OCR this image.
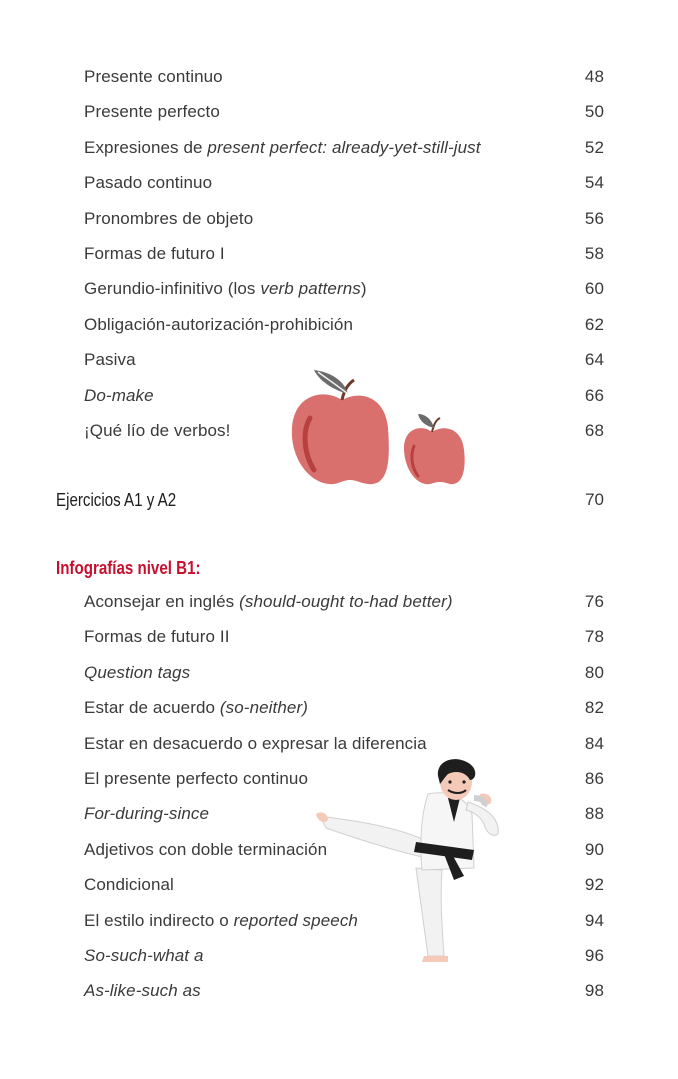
Presente continuo	48
Presente perfecto	50
Expresiones de present perfect: already-yet-still-just	52
Pasado continuo	54
Pronombres de objeto	56
Formas de futuro I	58
Gerundio-infinitivo (los verb patterns)	60
Obligación-autorización-prohibición	62
Pasiva	64
Do-make	66
¡Qué lío de verbos!	68
Ejercicios A1 y A2	70
Infografías nivel B1:
Aconsejar en inglés (should-ought to-had better)	76
Formas de futuro II	78
Question tags	80
Estar de acuerdo (so-neither)	82
Estar en desacuerdo o expresar la diferencia	84
El presente perfecto continuo	86
For-during-since	88
Adjetivos con doble terminación	90
Condicional	92
El estilo indirecto o reported speech	94
So-such-what a	96
As-like-such as	98
